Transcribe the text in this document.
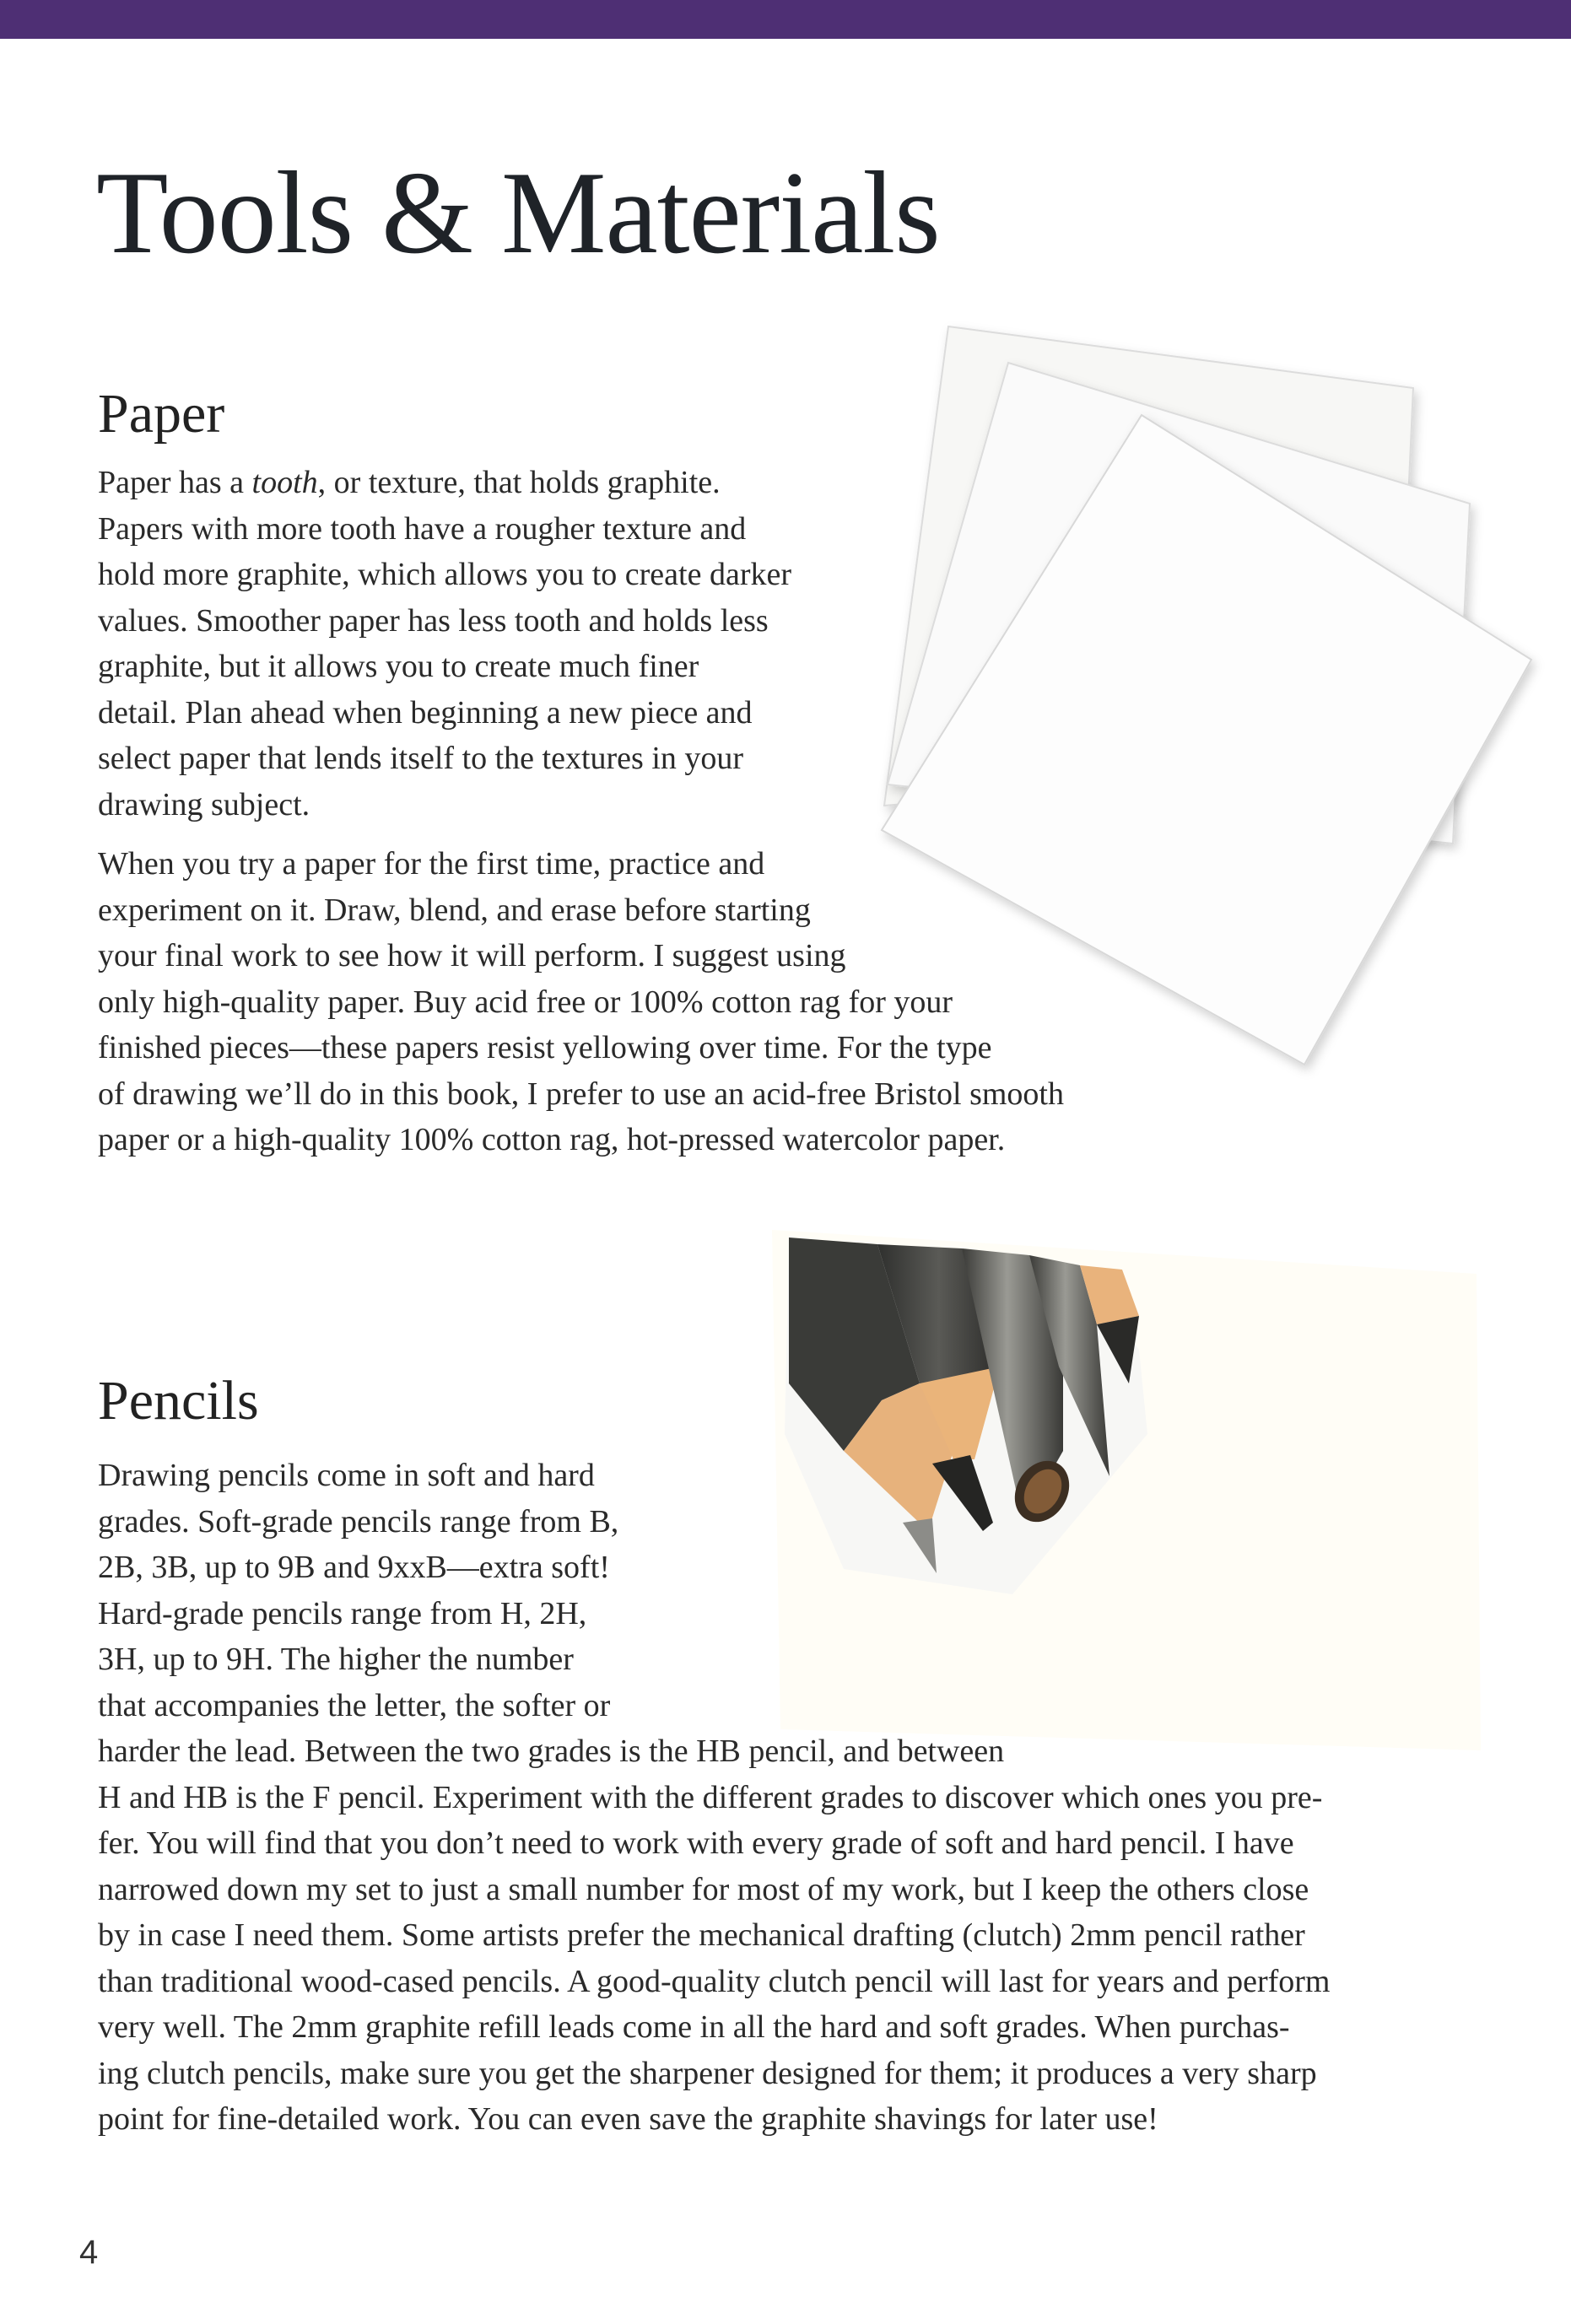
Tools & Materials
Paper
Paper has a tooth, or texture, that holds graphite.
Papers with more tooth have a rougher texture and
hold more graphite, which allows you to create darker
values. Smoother paper has less tooth and holds less
graphite, but it allows you to create much finer
detail. Plan ahead when beginning a new piece and
select paper that lends itself to the textures in your
drawing subject.
When you try a paper for the first time, practice and
experiment on it. Draw, blend, and erase before starting
your final work to see how it will perform. I suggest using
only high-quality paper. Buy acid free or 100% cotton rag for your
finished pieces—these papers resist yellowing over time. For the type
of drawing we’ll do in this book, I prefer to use an acid-free Bristol smooth
paper or a high-quality 100% cotton rag, hot-pressed watercolor paper.
Pencils
Drawing pencils come in soft and hard
grades. Soft-grade pencils range from B,
2B, 3B, up to 9B and 9xxB—extra soft!
Hard-grade pencils range from H, 2H,
3H, up to 9H. The higher the number
that accompanies the letter, the softer or
harder the lead. Between the two grades is the HB pencil, and between
H and HB is the F pencil. Experiment with the different grades to discover which ones you pre-
fer. You will find that you don’t need to work with every grade of soft and hard pencil. I have
narrowed down my set to just a small number for most of my work, but I keep the others close
by in case I need them. Some artists prefer the mechanical drafting (clutch) 2mm pencil rather
than traditional wood-cased pencils. A good-quality clutch pencil will last for years and perform
very well. The 2mm graphite refill leads come in all the hard and soft grades. When purchas-
ing clutch pencils, make sure you get the sharpener designed for them; it produces a very sharp
point for fine-detailed work. You can even save the graphite shavings for later use!
4
